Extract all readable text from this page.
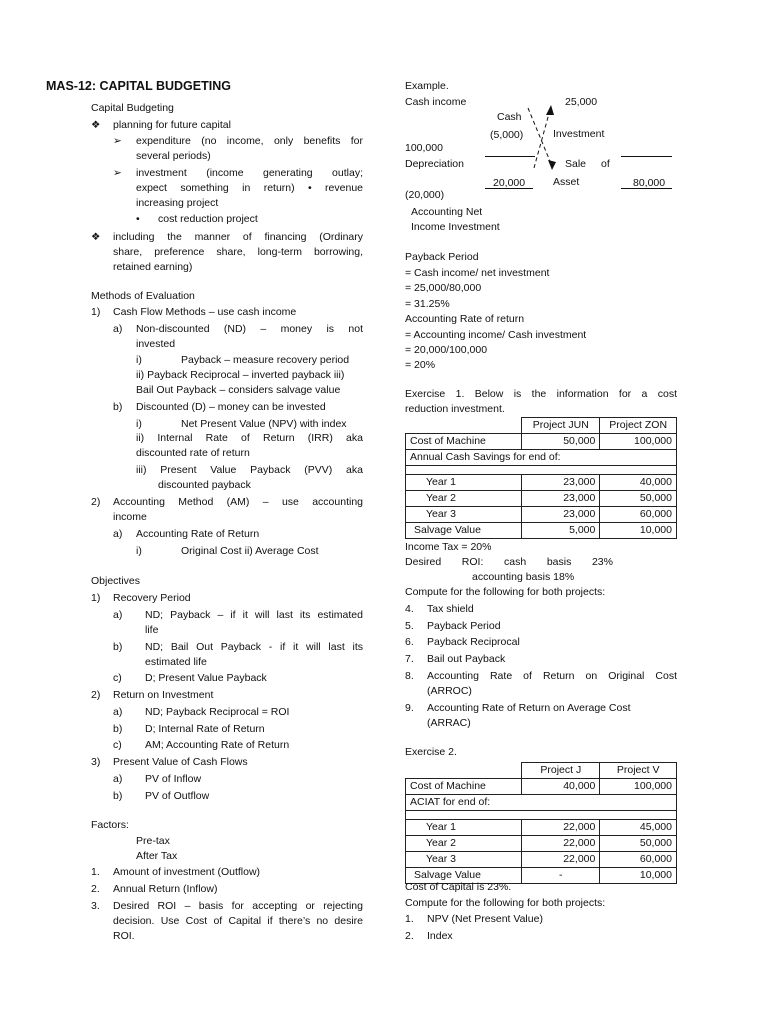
MAS-12: CAPITAL BUDGETING
Capital Budgeting
❖ planning for future capital
➢ expenditure (no income, only benefits for
several periods)
➢ investment (income generating outlay;
expect something in return) • revenue
increasing project
• cost reduction project
❖ including the manner of financing (Ordinary
share, preference share, long-term borrowing,
retained earning)
Methods of Evaluation
1) Cash Flow Methods – use cash income
a) Non-discounted (ND) – money is not
invested
i)	Payback – measure recovery period
ii) Payback Reciprocal – inverted payback iii)
Bail Out Payback – considers salvage value
b) Discounted (D) – money can be invested
i)	Net Present Value (NPV) with index
ii) Internal Rate of Return (IRR) aka
discounted rate of return
iii) Present Value Payback (PVV) aka
discounted payback
2) Accounting Method (AM) – use accounting
income
a) Accounting Rate of Return
i)	Original Cost ii) Average Cost
Objectives
1) Recovery Period
a) ND; Payback – if it will last its estimated
life
b) ND; Bail Out Payback - if it will last its
estimated life
c) D; Present Value Payback
2) Return on Investment
a) ND; Payback Reciprocal = ROI
b) D; Internal Rate of Return
c) AM; Accounting Rate of Return
3) Present Value of Cash Flows
a) PV of Inflow
b) PV of Outflow
Factors:
Pre-tax
After Tax
1. Amount of investment (Outflow)
2. Annual Return (Inflow)
3. Desired ROI – basis for accepting or rejecting
decision. Use Cost of Capital if there’s no desire
ROI.
Example.
Cash income	25,000
Cash
(5,000)	Investment
100,000
Depreciation	Sale of
20,000	Asset	80,000
(20,000)
Accounting Net
Income Investment
Payback Period
= Cash income/ net investment
= 25,000/80,000
= 31.25%
Accounting Rate of return
= Accounting income/ Cash investment
= 20,000/100,000
= 20%
Exercise 1. Below is the information for a cost
reduction investment.
	Project JUN	Project ZON
Cost of Machine	50,000	100,000
Annual Cash Savings for end of:		

Year 1	23,000	40,000
Year 2	23,000	50,000
Year 3	23,000	60,000
Salvage Value	5,000	10,000
Income Tax = 20%
Desired ROI: cash basis 23%
accounting basis 18%
Compute for the following for both projects:
4. Tax shield
5. Payback Period
6. Payback Reciprocal
7. Bail out Payback
8. Accounting Rate of Return on Original Cost
(ARROC)
9. Accounting Rate of Return on Average Cost
(ARRAC)
Exercise 2.
	Project J	Project V
Cost of Machine	40,000	100,000
ACIAT for end of:		

Year 1	22,000	45,000
Year 2	22,000	50,000
Year 3	22,000	60,000
Salvage Value	-	10,000
Cost of Capital is 23%.
Compute for the following for both projects:
1. NPV (Net Present Value)
2. Index
